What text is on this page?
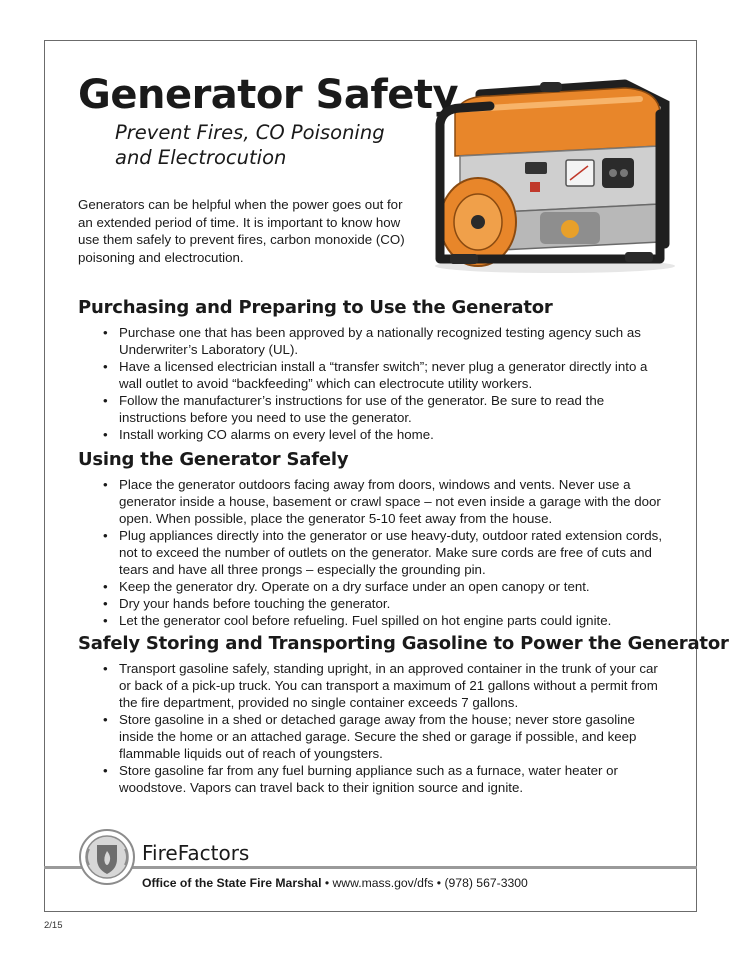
Generator Safety

Prevent Fires, CO Poisoning and Electrocution

Generators can be helpful when the power goes out for an extended period of time. It is important to know how use them safely to prevent fires, carbon monoxide (CO) poisoning and electrocution.

Purchasing and Preparing to Use the Generator
• Purchase one that has been approved by a nationally recognized testing agency such as Underwriter’s Laboratory (UL).
• Have a licensed electrician install a “transfer switch”; never plug a generator directly into a wall outlet to avoid “backfeeding” which can electrocute utility workers.
• Follow the manufacturer’s instructions for use of the generator. Be sure to read the instructions before you need to use the generator.
• Install working CO alarms on every level of the home.
Using the Generator Safely
• Place the generator outdoors facing away from doors, windows and vents. Never use a generator inside a house, basement or crawl space – not even inside a garage with the door open. When possible, place the generator 5-10 feet away from the house.
• Plug appliances directly into the generator or use heavy-duty, outdoor rated extension cords, not to exceed the number of outlets on the generator. Make sure cords are free of cuts and tears and have all three prongs – especially the grounding pin.
• Keep the generator dry. Operate on a dry surface under an open canopy or tent.
• Dry your hands before touching the generator.
• Let the generator cool before refueling. Fuel spilled on hot engine parts could ignite.
Safely Storing and Transporting Gasoline to Power the Generator
• Transport gasoline safely, standing upright, in an approved container in the trunk of your car or back of a pick-up truck. You can transport a maximum of 21 gallons without a permit from the fire department, provided no single container exceeds 7 gallons.
• Store gasoline in a shed or detached garage away from the house; never store gasoline inside the home or an attached garage. Secure the shed or garage if possible, and keep flammable liquids out of reach of youngsters.
• Store gasoline far from any fuel burning appliance such as a furnace, water heater or woodstove. Vapors can travel back to their ignition source and ignite.

FireFactors

Office of the State Fire Marshal • www.mass.gov/dfs • (978) 567-3300

2/15
